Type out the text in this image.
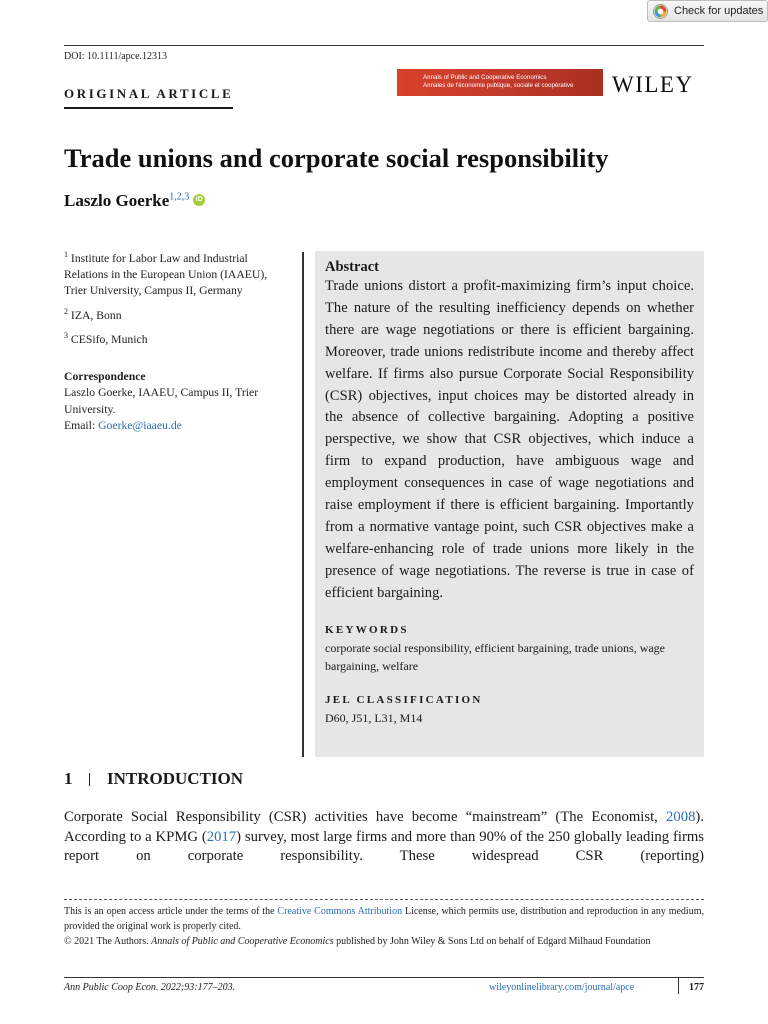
Check for updates
DOI: 10.1111/apce.12313
ORIGINAL ARTICLE
Annals of Public and Cooperative Economics
Annales de l'économie publique, sociale et coopérative	WILEY
Trade unions and corporate social responsibility
Laszlo Goerke$^{1,2,3}$ iD
$^1$ Institute for Labor Law and Industrial Relations in the European Union (IAAEU), Trier University, Campus II, Germany
$^2$ IZA, Bonn
$^3$ CESifo, Munich
Correspondence
Laszlo Goerke, IAAEU, Campus II, Trier University.
Email: Goerke@iaaeu.de
Abstract

Trade unions distort a profit-maximizing firm’s input choice. The nature of the resulting inefficiency depends on whether there are wage negotiations or there is efficient bargaining. Moreover, trade unions redistribute income and thereby affect welfare. If firms also pursue Corporate Social Responsibility (CSR) objectives, input choices may be distorted already in the absence of collective bargaining. Adopting a positive perspective, we show that CSR objectives, which induce a firm to expand production, have ambiguous wage and employment consequences in case of wage negotiations and raise employment if there is efficient bargaining. Importantly from a normative vantage point, such CSR objectives make a welfare-enhancing role of trade unions more likely in the presence of wage negotiations. The reverse is true in case of efficient bargaining.

KEYWORDS
corporate social responsibility, efficient bargaining, trade unions, wage bargaining, welfare
JEL CLASSIFICATION
D60, J51, L31, M14
1	INTRODUCTION

Corporate Social Responsibility (CSR) activities have become “mainstream” (The Economist, 2008). According to a KPMG (2017) survey, most large firms and more than 90% of the 250 globally leading firms report on corporate responsibility. These widespread CSR (reporting)

This is an open access article under the terms of the Creative Commons Attribution License, which permits use, distribution and reproduction in any medium, provided the original work is properly cited.
© 2021 The Authors. Annals of Public and Cooperative Economics published by John Wiley & Sons Ltd on behalf of Edgard Milhaud Foundation
Ann Public Coop Econ. 2022;93:177–203.	wileyonlinelibrary.com/journal/apce	177
